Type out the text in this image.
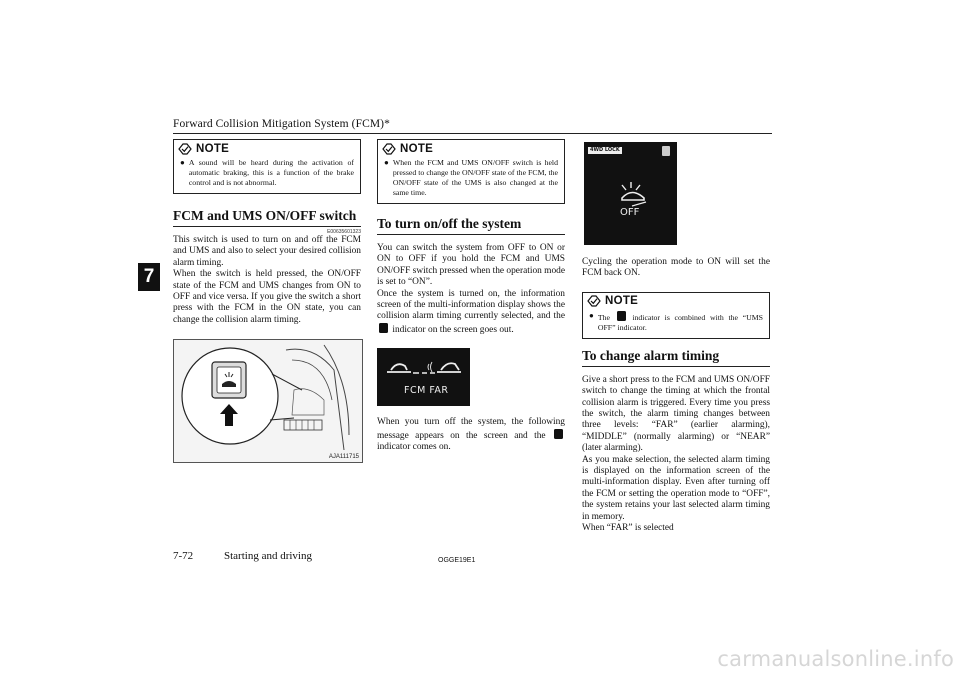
Forward Collision Mitigation System (FCM)*
7
NOTE
● A sound will be heard during the activation of automatic braking, this is a function of the brake control and is not abnormal.
FCM and UMS ON/OFF switch
E00635601323
This switch is used to turn on and off the FCM and UMS and also to select your desired collision alarm timing.
When the switch is held pressed, the ON/OFF state of the FCM and UMS changes from ON to OFF and vice versa. If you give the switch a short press with the FCM in the ON state, you can change the collision alarm timing.
AJA111715
NOTE
● When the FCM and UMS ON/OFF switch is held pressed to change the ON/OFF state of the FCM, the ON/OFF state of the UMS is also changed at the same time.
To turn on/off the system
You can switch the system from OFF to ON or ON to OFF if you hold the FCM and UMS ON/OFF switch pressed when the operation mode is set to “ON”.
Once the system is turned on, the information screen of the multi-information display shows the collision alarm timing currently selected, and the  indicator on the screen goes out.
FCM FAR
When you turn off the system, the following message appears on the screen and the  indicator comes on.
4WD LOCK
OFF
Cycling the operation mode to ON will set the FCM back ON.
NOTE
● The	indicator is combined with the “UMS OFF” indicator.
To change alarm timing
Give a short press to the FCM and UMS ON/OFF switch to change the timing at which the frontal collision alarm is triggered. Every time you press the switch, the alarm timing changes between three levels: “FAR” (earlier alarming), “MIDDLE” (normally alarming) or “NEAR” (later alarming).
As you make selection, the selected alarm timing is displayed on the information screen of the multi-information display. Even after turning off the FCM or setting the operation mode to “OFF”, the system retains your last selected alarm timing in memory.
When “FAR” is selected
7-72	Starting and driving	OGGE19E1
carmanualsonline.info
